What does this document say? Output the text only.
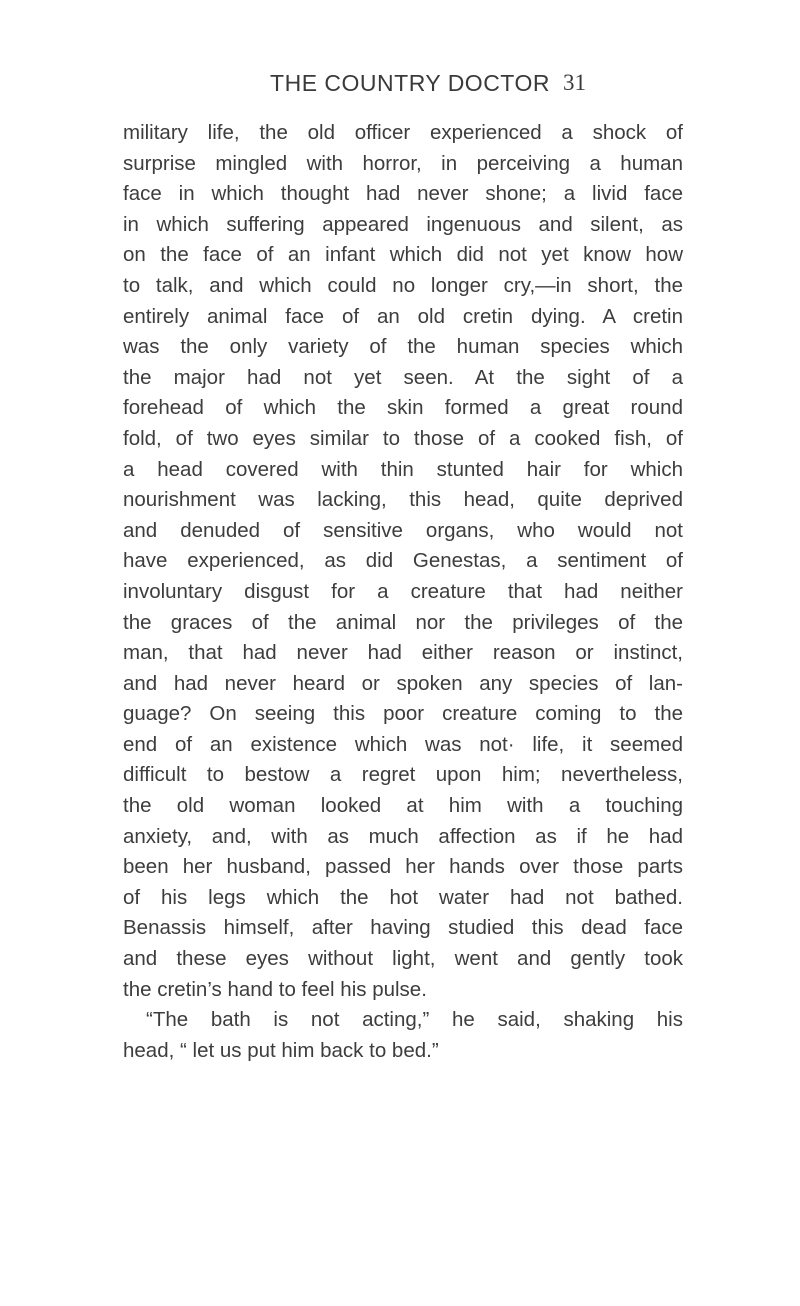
THE COUNTRY DOCTOR 31
military life, the old officer experienced a shock of
surprise mingled with horror, in perceiving a human
face in which thought had never shone; a livid face
in which suffering appeared ingenuous and silent, as
on the face of an infant which did not yet know how
to talk, and which could no longer cry,—in short, the
entirely animal face of an old cretin dying. A cretin
was the only variety of the human species which
the major had not yet seen. At the sight of a
forehead of which the skin formed a great round
fold, of two eyes similar to those of a cooked fish, of
a head covered with thin stunted hair for which
nourishment was lacking, this head, quite deprived
and denuded of sensitive organs, who would not
have experienced, as did Genestas, a sentiment of
involuntary disgust for a creature that had neither
the graces of the animal nor the privileges of the
man, that had never had either reason or instinct,
and had never heard or spoken any species of lan-
guage? On seeing this poor creature coming to the
end of an existence which was not· life, it seemed
difficult to bestow a regret upon him; nevertheless,
the old woman looked at him with a touching
anxiety, and, with as much affection as if he had
been her husband, passed her hands over those parts
of his legs which the hot water had not bathed.
Benassis himself, after having studied this dead face
and these eyes without light, went and gently took
the cretin’s hand to feel his pulse.
“The bath is not acting,” he said, shaking his
head, “ let us put him back to bed.”
